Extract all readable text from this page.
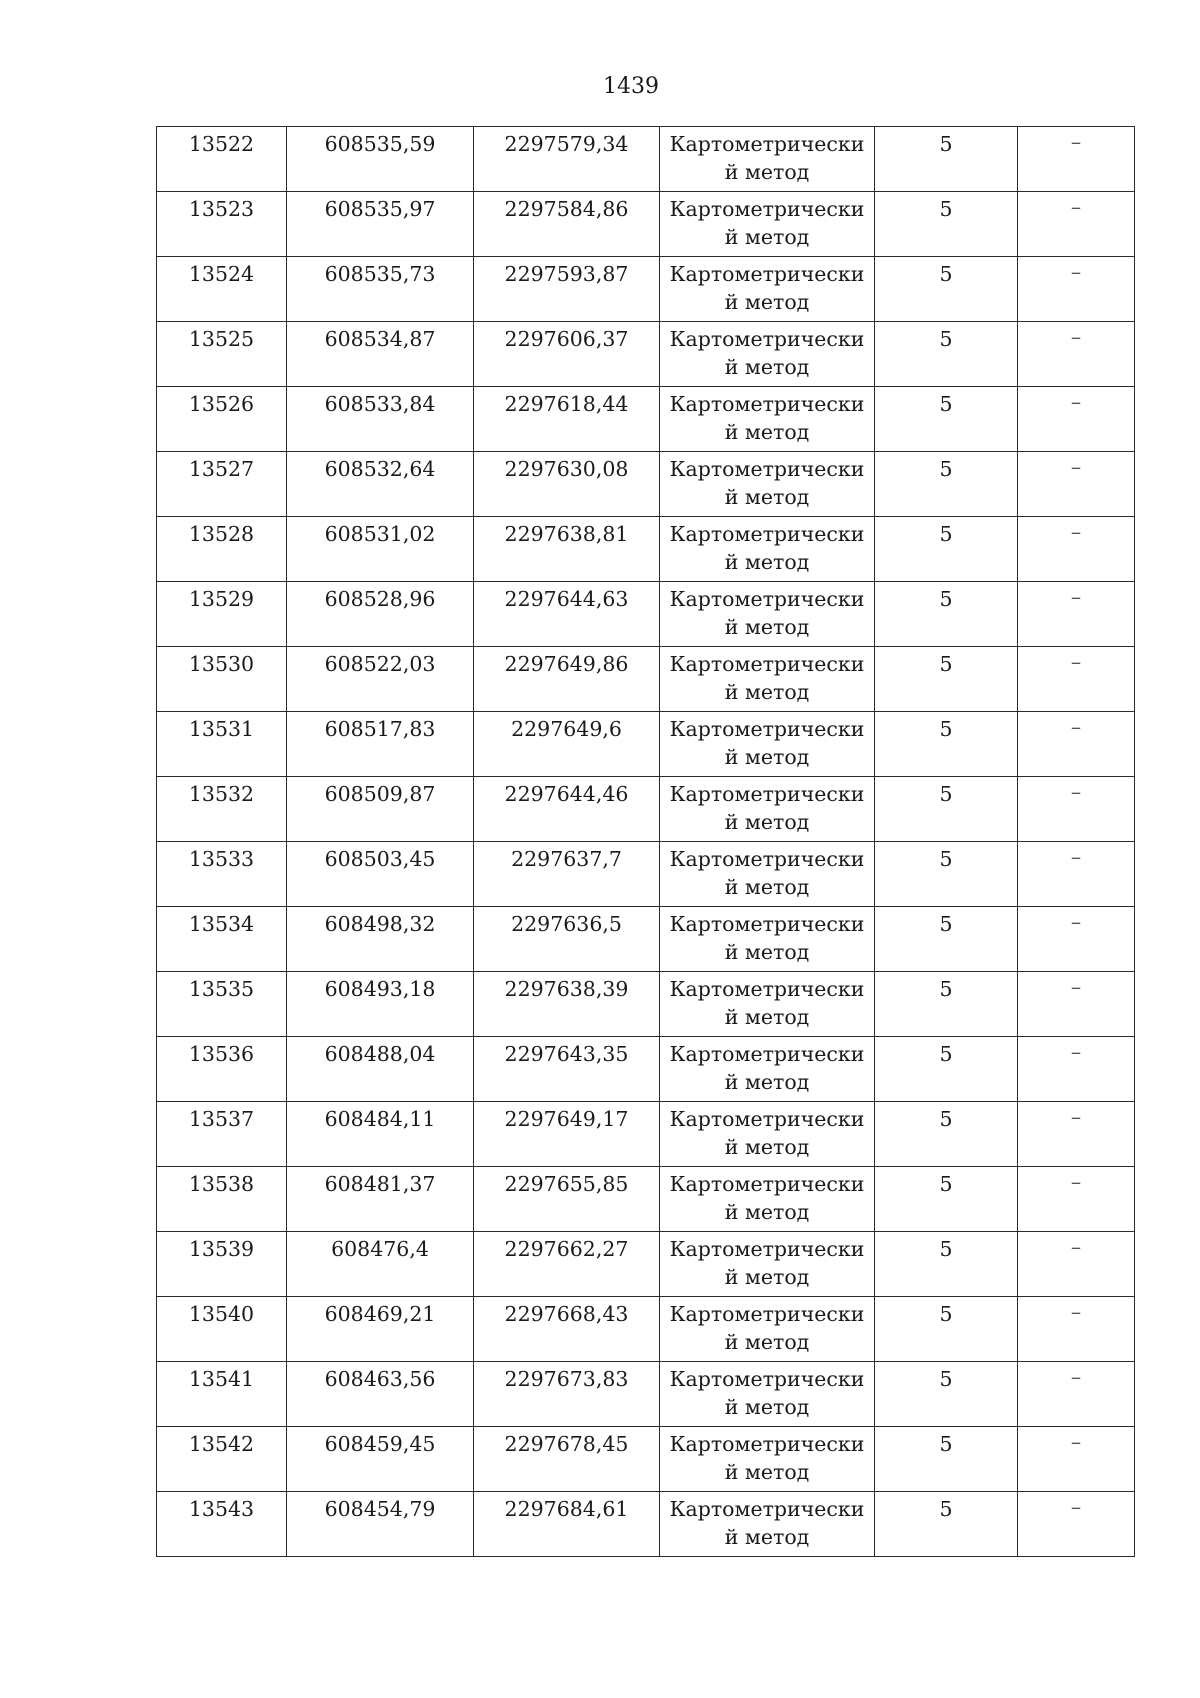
1439
13522	608535,59	2297579,34	Картометрически
й метод	5	–

13523	608535,97	2297584,86	Картометрически
й метод	5	–

13524	608535,73	2297593,87	Картометрически
й метод	5	–

13525	608534,87	2297606,37	Картометрически
й метод	5	–

13526	608533,84	2297618,44	Картометрически
й метод	5	–

13527	608532,64	2297630,08	Картометрически
й метод	5	–

13528	608531,02	2297638,81	Картометрически
й метод	5	–

13529	608528,96	2297644,63	Картометрически
й метод	5	–

13530	608522,03	2297649,86	Картометрически
й метод	5	–

13531	608517,83	2297649,6	Картометрически
й метод	5	–

13532	608509,87	2297644,46	Картометрически
й метод	5	–

13533	608503,45	2297637,7	Картометрически
й метод	5	–

13534	608498,32	2297636,5	Картометрически
й метод	5	–

13535	608493,18	2297638,39	Картометрически
й метод	5	–

13536	608488,04	2297643,35	Картометрически
й метод	5	–

13537	608484,11	2297649,17	Картометрически
й метод	5	–

13538	608481,37	2297655,85	Картометрически
й метод	5	–

13539	608476,4	2297662,27	Картометрически
й метод	5	–

13540	608469,21	2297668,43	Картометрически
й метод	5	–

13541	608463,56	2297673,83	Картометрически
й метод	5	–

13542	608459,45	2297678,45	Картометрически
й метод	5	–

13543	608454,79	2297684,61	Картометрически
й метод	5	–
